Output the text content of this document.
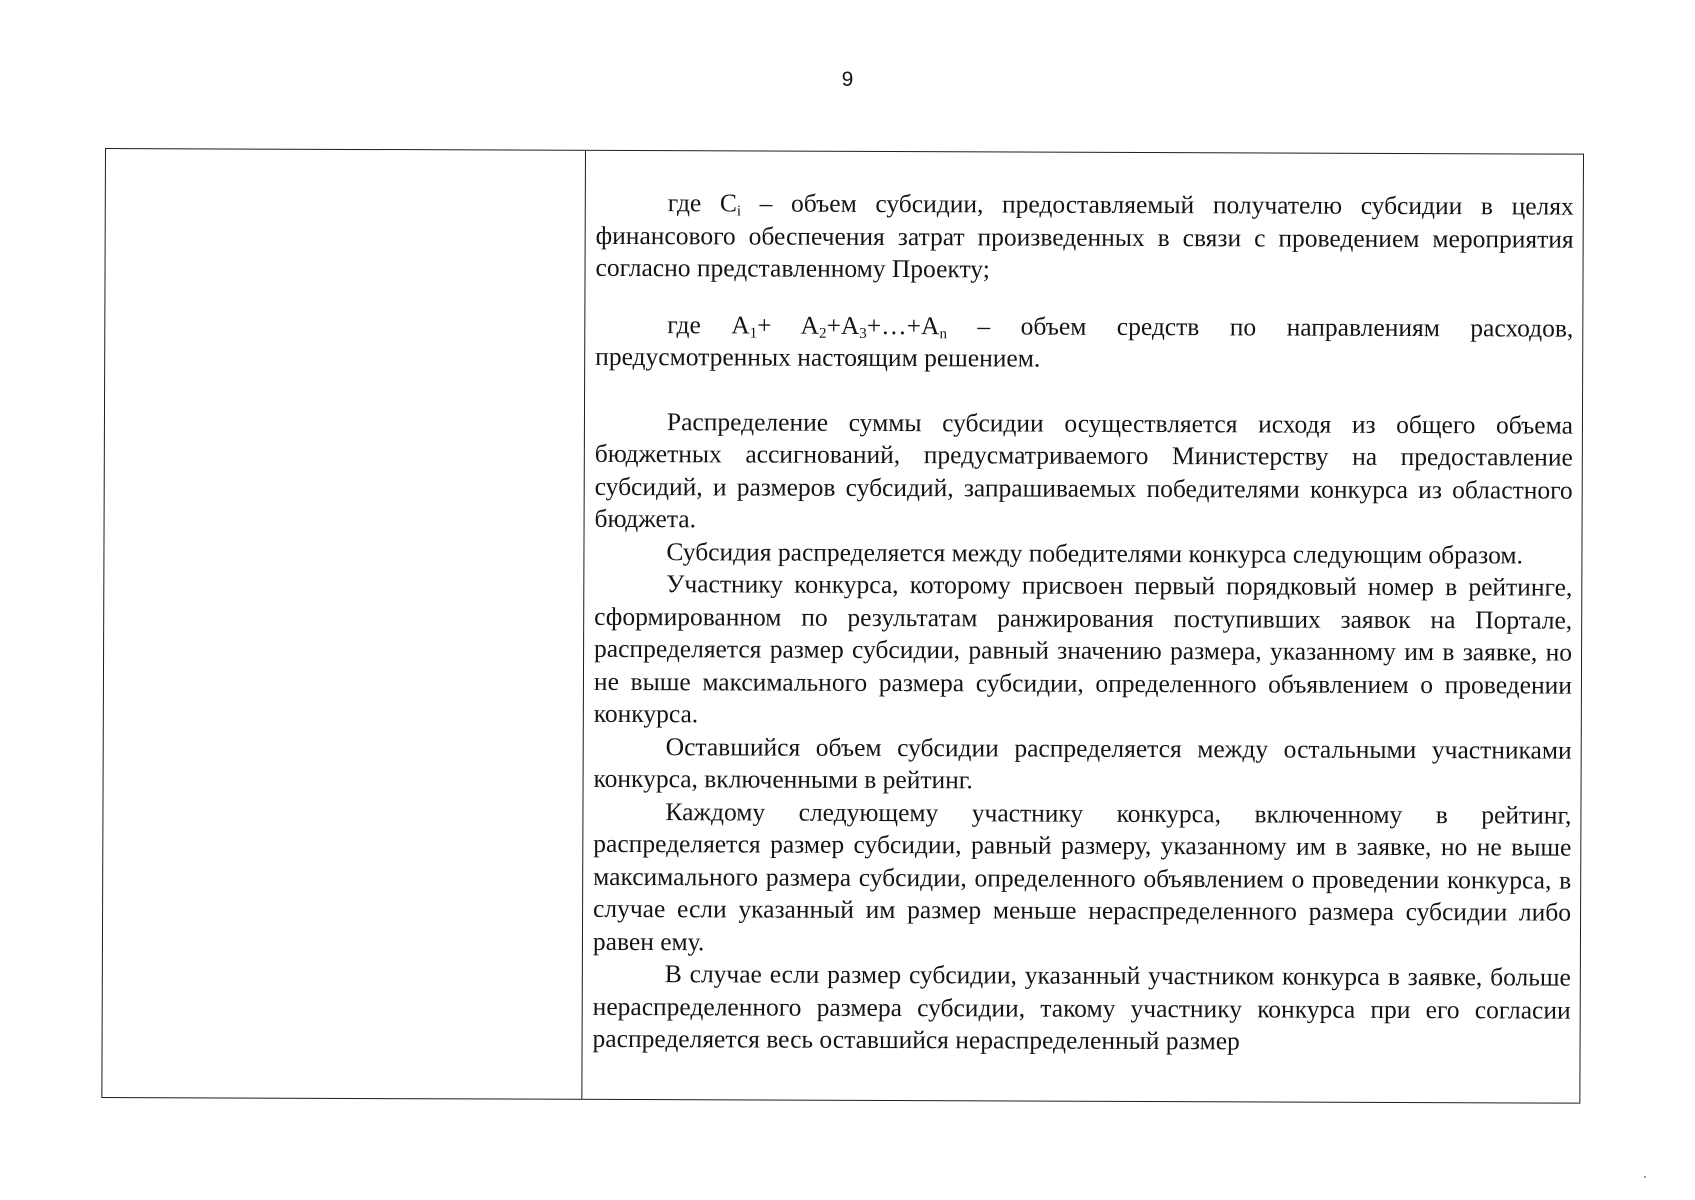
9

где $C_i$ – объем субсидии, предоставляемый получателю субсидии в целях финансового обеспечения затрат произведенных в связи с проведением мероприятия согласно представленному Проекту;

где $A_1+$ $A_2+A_3+\dots+A_n$ – объем средств по направлениям расходов, предусмотренных настоящим решением.

Распределение суммы субсидии осуществляется исходя из общего объема бюджетных ассигнований, предусматриваемого Министерству на предоставление субсидий, и размеров субсидий, запрашиваемых победителями конкурса из областного бюджета.

Субсидия распределяется между победителями конкурса следующим образом.

Участнику конкурса, которому присвоен первый порядковый номер в рейтинге, сформированном по результатам ранжирования поступивших заявок на Портале, распределяется размер субсидии, равный значению размера, указанному им в заявке, но не выше максимального размера субсидии, определенного объявлением о проведении конкурса.

Оставшийся объем субсидии распределяется между остальными участниками конкурса, включенными в рейтинг.

Каждому следующему участнику конкурса, включенному в рейтинг, распределяется размер субсидии, равный размеру, указанному им в заявке, но не выше максимального размера субсидии, определенного объявлением о проведении конкурса, в случае если указанный им размер меньше нераспределенного размера субсидии либо равен ему.

В случае если размер субсидии, указанный участником конкурса в заявке, больше нераспределенного размера субсидии, такому участнику конкурса при его согласии распределяется весь оставшийся нераспределенный размер
